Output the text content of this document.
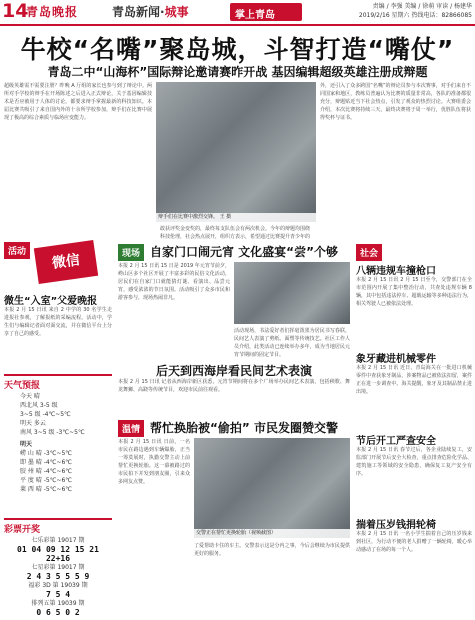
14
青岛晚报	青岛新闻·城事	掌上青岛
责编 / 李强 美编 / 徐萌 审读 / 杨建华
2019/2/16 星期六 热线电话：82866085
牛校“名嘴”聚岛城，斗智打造“嘴仗”
青岛二中“山海杯”国际辩论邀请赛昨开战 基因编辑超级英雄注册成辩题
超级英雄需不需要注册？昨晚 A 厅组的家长也参与到了辩论中。两所对手学校的辩手在开场陈述之后进入正式辩论，关于基因编辑技术是否应被用于人体的讨论，都要求辩手掌握最新的科技知识。本届比赛共吸引了来自国内外的十余所学校参加，辩手们在比赛中展现了极高的综合素质与临场应变能力。
辩手们在比赛中激烈交锋。 王 摄
外，还引入了众多跨国“名嘴”的辩论员参与本次赛事，对手们来自不同国家和地区，教练员普遍认为比赛的质量非常高，各队的准备都很充分，辩题贴近当下社会热点，引发了观众的热烈讨论。大赛组委会介绍，本次比赛将持续三天，最终决赛将于周一举行，优胜队伍将获得奖杯与证书。
敢获评奖金变奖的，最终每支队伍会有两次机会。今年的辩题均围绕科技伦理，社会热点展开，组织方表示，希望通过比赛提升青少年的
活动
微信
微生“入室”父爱晚报
本报 2 月 15 日讯 来自 2 中学的 30 名学生走进报社参观，了解报纸的采编流程。活动中，学生们与编辑记者面对面交流，并在微信平台上分享了自己的感受。
天气预报
今天 晴
西北风 3-5 级
3~5 级 -4℃~5℃
明天 多云
南风 3~5 级 -3℃~5℃
明天
崂 山 晴 -3℃~5℃
即 墨 晴 -4℃~6℃
胶 州 晴 -4℃~6℃
平 度 晴 -5℃~6℃
莱 西 晴 -5℃~6℃
彩票开奖
七乐彩第 19017 期
01 04 09 12 15 21 22+16
七星彩第 19017 期
2 4 3 5 5 5 9
福彩 3D 第 19039 期
7 5 4
排列五第 19039 期
0 6 5 0 2
现场 自家门口闹元宵 文化盛宴“尝”个够
本报 2 月 15 日讯 15 日是 2019 年元宵节前夕，崂山区多个社区开展了丰富多彩的民俗文化活动，居民们在自家门口就能猜灯谜、看演出、品尝元宵，感受浓浓的节日氛围。活动吸引了众多市民和游客参与，现场热闹非凡。
活动现场，书法爱好者们挥毫泼墨为居民书写春联，民间艺人表演了剪纸、面塑等传统技艺。社区工作人员介绍，此类活动已连续举办多年，成为当地居民元宵节期间的固定节目。
后天到西海岸看民间艺术表演
本报 2 月 15 日讯 记者从西海岸新区获悉，元宵节期间将在多个广场举办民间艺术表演，包括秧歌、舞龙舞狮、高跷等传统节目，欢迎市民前往观看。
温情 帮忙换胎被“偷拍” 市民发圈赞交警
本报 2 月 15 日讯 日前，一名市民在路边遇到车辆爆胎，正当一筹莫展时，执勤交警主动上前帮忙更换轮胎。这一幕被路过的市民拍下并发到朋友圈，引来众多网友点赞。
交警正在帮忙更换轮胎（视频截图）
了爱帮助卡住的车主。交警表示这是分内之事，今后会继续为市民提供更好的服务。
社会
八辆违规车撞枪口
本报 2 月 15 日讯 2 月 15 日至今，交警部门在全市范围内开展了集中整治行动，共查处违规车辆 8 辆，其中包括违法停车、超载运输等多种违法行为，相关驾驶人已被依法处理。
象牙藏进机械零件
本报 2 月 15 日讯 近日，青岛海关在一批进口机械零件中查获象牙制品，涉案物品已被依法扣留，案件正在进一步调查中。海关提醒，象牙及其制品禁止进出境。
节后开工严查安全
本报 2 月 15 日讯 春节过后，各企业陆续复工，安监部门开展节后安全大检查，重点排查危险化学品、建筑施工等领域的安全隐患，确保复工复产安全有序。
揣着压岁钱捐轮椅
本报 2 月 15 日讯 一名小学生揣着自己的压岁钱来到社区，为行动不便的老人捐赠了一辆轮椅，暖心举动感动了在场的每一个人。
